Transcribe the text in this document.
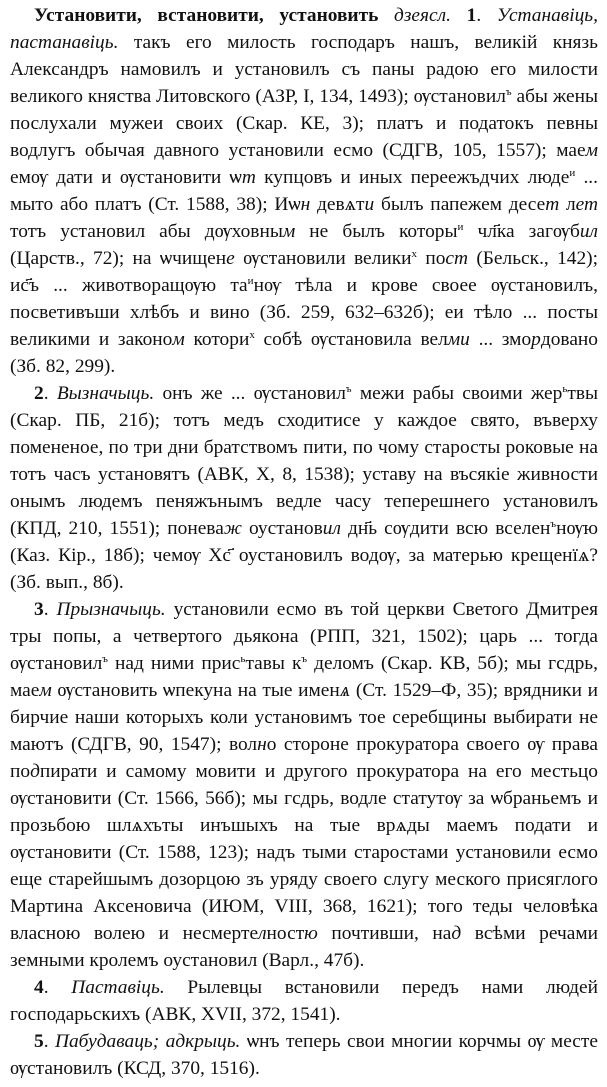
Установити, встановити, установить дзеясл. 1. Устанавіць, пастанавіць. такъ его милость господаръ нашъ, великій князь Александръ намовилъ и установилъ съ паны радою его милости великого княства Литовского (АЗР, I, 134, 1493); ѹстановил$^ъ$ абы жены послухали мужеи своих (Скар. КЕ, 3); платъ и податокъ певны водлугъ обычая давного установили есмо (СДГВ, 105, 1557); маем емѹ дати и ѹстановити ѡт купцовъ и иных переежъдчих люде$^и$ ... мыто або платъ (Ст. 1588, 38); Иѡн девѧти былъ папежем десет лет тотъ установил абы дѹховным не былъ которы$^и$ чл҃ка загѹбил (Царств., 72); на ѡчищене ѹстановили велики$^х$ пост (Бельск., 142); ис҃ъ ... животворащѹю $та^инѹ$ тѣла и крове своее ѹстановилъ, посветивъши хлѣбъ и вино (Зб. 259, 632–632б); еи тѣло ... посты великими и законом котори$^х$ собѣ ѹстановила велми ... змордовано (Зб. 82, 299).

2. Вызначыць. онъ же ... ѹстановил$^ъ$ межи рабы своими жер$^ь$твы (Скар. ПБ, 21б); тотъ медъ сходитисе у каждое свято, въверху помененое, по три дни братствомъ пити, по чому старосты роковые на тотъ часъ установятъ (АВК, X, 8, 1538); уставу на въсякіе живности онымъ людемъ пеняжънымъ ведле часу теперешнего установилъ (КПД, 210, 1551); поневаж оустановил дн҃ь сѹдити всю вселен$^ъ$нѹю (Каз. Кір., 18б); чемѹ Хс҃ оустановилъ водѹ, за матерью крещенїѧ? (Зб. вып., 8б).

3. Прызначыць. установили есмо въ той церкви Светого Дмитрея тры попы, а четвертого дьякона (РПП, 321, 1502); царь ... тогда ѹстановил$^ъ$ над ними прис$^ь$тавы $к^ъ$ деломъ (Скар. КВ, 5б); мы гсдрь, маем ѹстановить ѡпекуна на тые именѧ (Ст. 1529–Ф, 35); врядники и бирчие наши которыхъ коли установимъ тое серебщины выбирати не маютъ (СДГВ, 90, 1547); волно стороне прокуратора своего ѹ права подпирати и самому мовити и другого прокуратора на его местьцо ѹстановити (Ст. 1566, 56б); мы гсдрь, водле статутѹ за ѡбраньемъ и прозьбою шлѧхъты инъшыхъ на тые врѧды маемъ подати и ѹстановити (Ст. 1588, 123); надъ тыми старостами установили есмо еще старейшымъ дозорцою зъ уряду своего слугу меского присяглого Мартина Аксеновича (ИЮМ, VIII, 368, 1621); того теды человѣка власною волею и несмертелностю почтивши, над всѣми речами земными кролемъ оустановил (Варл., 47б).

4. Паставіць. Рылевцы встановили передъ нами людей господарьскихъ (АВК, XVII, 372, 1541).

5. Пабудаваць; адкрыць. ѡнъ теперь свои многии корчмы ѹ месте ѹстановилъ (КСД, 370, 1516).
